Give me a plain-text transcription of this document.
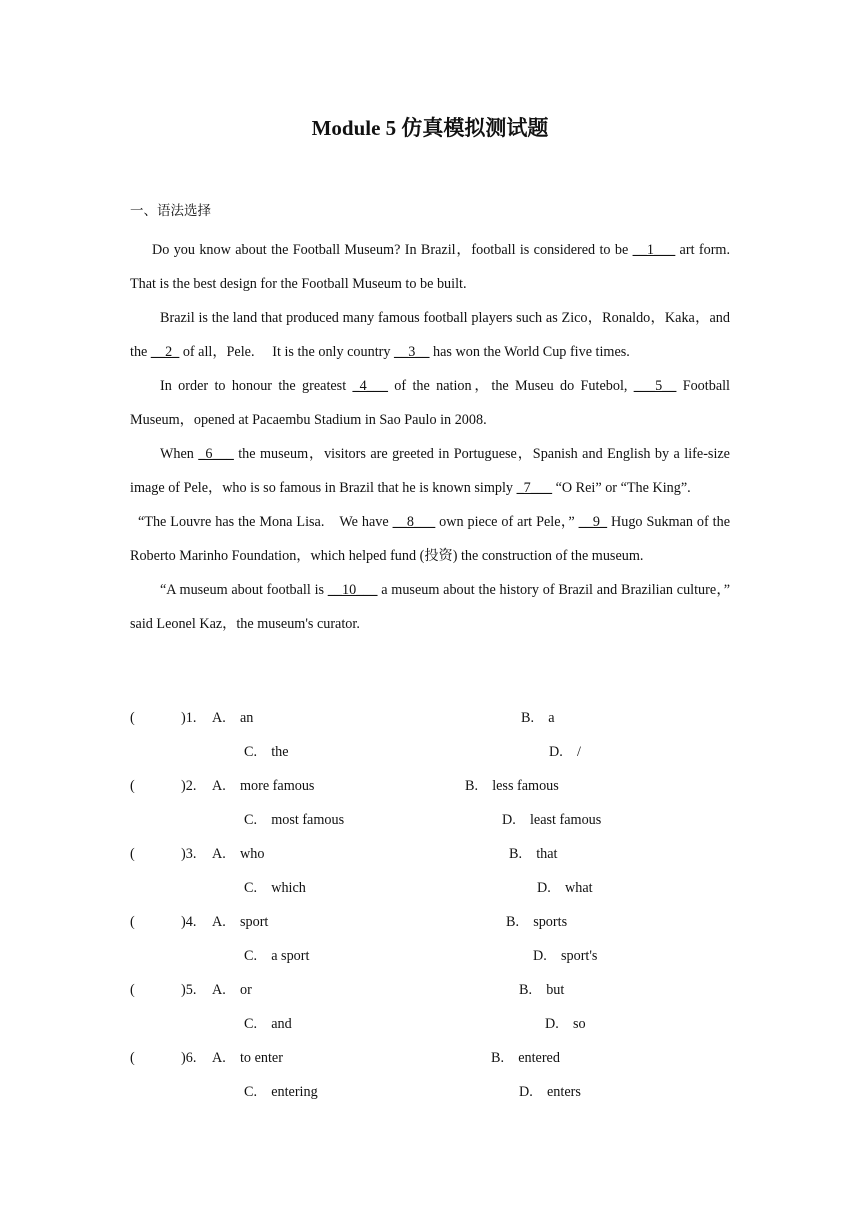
Module 5 仿真模拟测试题
一、语法选择

Do you know about the Football Museum? In Brazil，football is considered to be __1___ art form.　That is the best design for the Football Museum to be built.

Brazil is the land that produced many famous football players such as Zico，Ronaldo，Kaka，and the __2_ of all，Pele.　 It is the only country __3__ has won the World Cup five times.

In order to honour the greatest _4___ of the nation，the Museu do Futebol, ___5__ Football Museum，opened at Pacaembu Stadium in Sao Paulo in 2008.

When _6___ the museum，visitors are greeted in Portuguese，Spanish and English by a life-size image of Pele，who is so famous in Brazil that he is known simply _7___ “O Rei” or “The King”.

“The Louvre has the Mona Lisa.　We have __8___ own piece of art Pele，” __9_ Hugo Sukman of the Roberto Marinho Foundation，which helped fund (投资) the construction of the museum.

“A museum about football is __10___ a museum about the history of Brazil and Brazilian culture，” said Leonel Kaz，the museum's curator.

(	)1. A.　an	B.　a
C.　the	D.　/
(	)2. A.　more famous	B.　less famous
C.　most famous	D.　least famous
(	)3. A.　who	B.　that
C.　which	D.　what
(	)4. A.　sport	B.　sports
C.　a sport	D.　sport's
(	)5. A.　or	B.　but
C.　and	D.　so
(	)6. A.　to enter	B.　entered
C.　entering	D.　enters
